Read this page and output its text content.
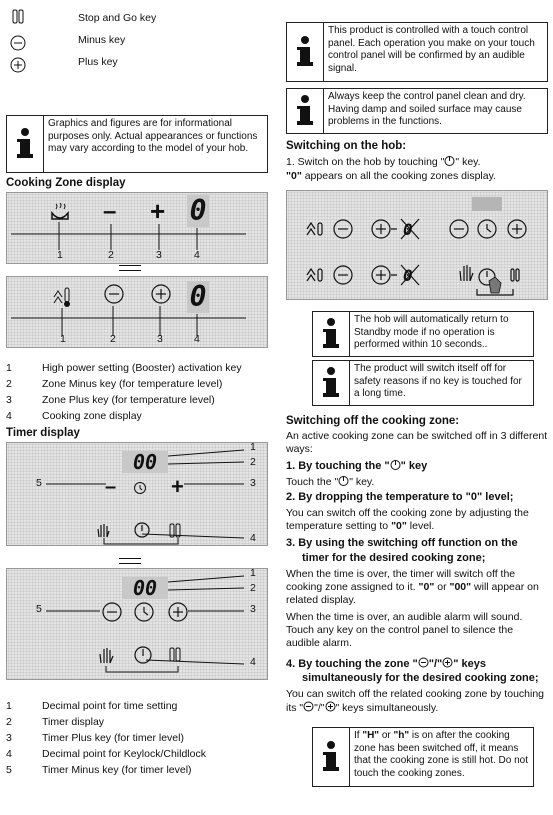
Stop and Go key
Minus key
Plus key
Graphics and figures are for informational purposes only. Actual appearances or functions may vary according to the model of your hob.
Cooking Zone display
– + 0
1	2	3	4
0
1	2	3	4
1	High power setting (Booster) activation key
2	Zone Minus key (for temperature level)
3	Zone Plus key (for temperature level)
4	Cooking zone display
Timer display
00
– +
1
2
3
5
4
00
1
2
3
5
4
1	Decimal point for time setting
2	Timer display
3	Timer Plus key (for timer level)
4	Decimal point for Keylock/Childlock
5	Timer Minus key (for timer level)
This product is controlled with a touch control panel. Each operation you make on your touch control panel will be confirmed by an audible signal.
Always keep the control panel clean and dry. Having damp and soiled surface may cause problems in the functions.
Switching on the hob:
1. Switch on the hob by touching " " key.
"0" appears on all the cooking zones display.
0
0
The hob will automatically return to Standby mode if no operation is performed within 10 seconds..
The product will switch itself off for safety reasons if no key is touched for a long time.
Switching off the cooking zone:
An active cooking zone can be switched off in 3 different ways:
1. By touching the " " key
Touch the " " key.
2. By dropping the temperature to "0" level;
You can switch off the cooking zone by adjusting the temperature setting to "0" level.
3. By using the switching off function on the
timer for the desired cooking zone;
When the time is over, the timer will switch off the cooking zone assigned to it. "0" or "00" will appear on related display.
When the time is over, an audible alarm will sound. Touch any key on the control panel to silence the audible alarm.
4. By touching the zone " "/" " keys
simultaneously for the desired cooking zone;
You can switch off the related cooking zone by touching its " "/" " keys simultaneously.
If "H" or "h" is on after the cooking zone has been switched off, it means that the cooking zone is still hot. Do not touch the cooking zones.
